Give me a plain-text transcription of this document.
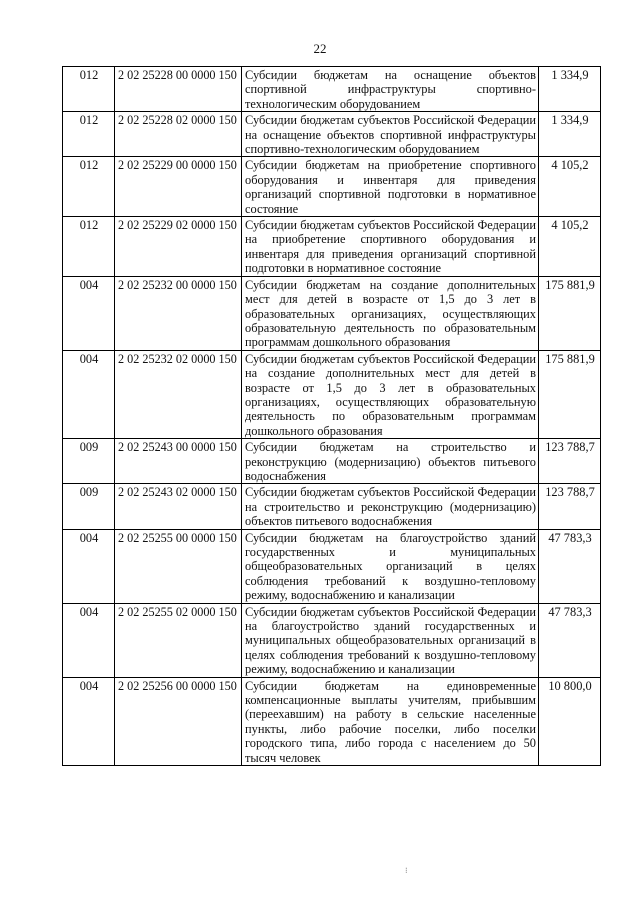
22
012	2 02 25228 00 0000 150	Субсидии бюджетам на оснащение объектов спортивной инфраструктуры спортивно-технологическим оборудованием	1 334,9
012	2 02 25228 02 0000 150	Субсидии бюджетам субъектов Российской Федерации на оснащение объектов спортивной инфраструктуры спортивно-технологическим оборудованием	1 334,9
012	2 02 25229 00 0000 150	Субсидии бюджетам на приобретение спортивного оборудования и инвентаря для приведения организаций спортивной подготовки в нормативное состояние	4 105,2
012	2 02 25229 02 0000 150	Субсидии бюджетам субъектов Российской Федерации на приобретение спортивного оборудования и инвентаря для приведения организаций спортивной подготовки в нормативное состояние	4 105,2
004	2 02 25232 00 0000 150	Субсидии бюджетам на создание дополнительных мест для детей в возрасте от 1,5 до 3 лет в образовательных организациях, осуществляющих образовательную деятельность по образовательным программам дошкольного образования	175 881,9
004	2 02 25232 02 0000 150	Субсидии бюджетам субъектов Российской Федерации на создание дополнительных мест для детей в возрасте от 1,5 до 3 лет в образовательных организациях, осуществляющих образовательную деятельность по образовательным программам дошкольного образования	175 881,9
009	2 02 25243 00 0000 150	Субсидии бюджетам на строительство и реконструкцию (модернизацию) объектов питьевого водоснабжения	123 788,7
009	2 02 25243 02 0000 150	Субсидии бюджетам субъектов Российской Федерации на строительство и реконструкцию (модернизацию) объектов питьевого водоснабжения	123 788,7
004	2 02 25255 00 0000 150	Субсидии бюджетам на благоустройство зданий государственных и муниципальных общеобразовательных организаций в целях соблюдения требований к воздушно-тепловому режиму, водоснабжению и канализации	47 783,3
004	2 02 25255 02 0000 150	Субсидии бюджетам субъектов Российской Федерации на благоустройство зданий государственных и муниципальных общеобразовательных организаций в целях соблюдения требований к воздушно-тепловому режиму, водоснабжению и канализации	47 783,3
004	2 02 25256 00 0000 150	Субсидии бюджетам на единовременные компенсационные выплаты учителям, прибывшим (переехавшим) на работу в сельские населенные пункты, либо рабочие поселки, либо поселки городского типа, либо города с населением до 50 тысяч человек	10 800,0
⁝
